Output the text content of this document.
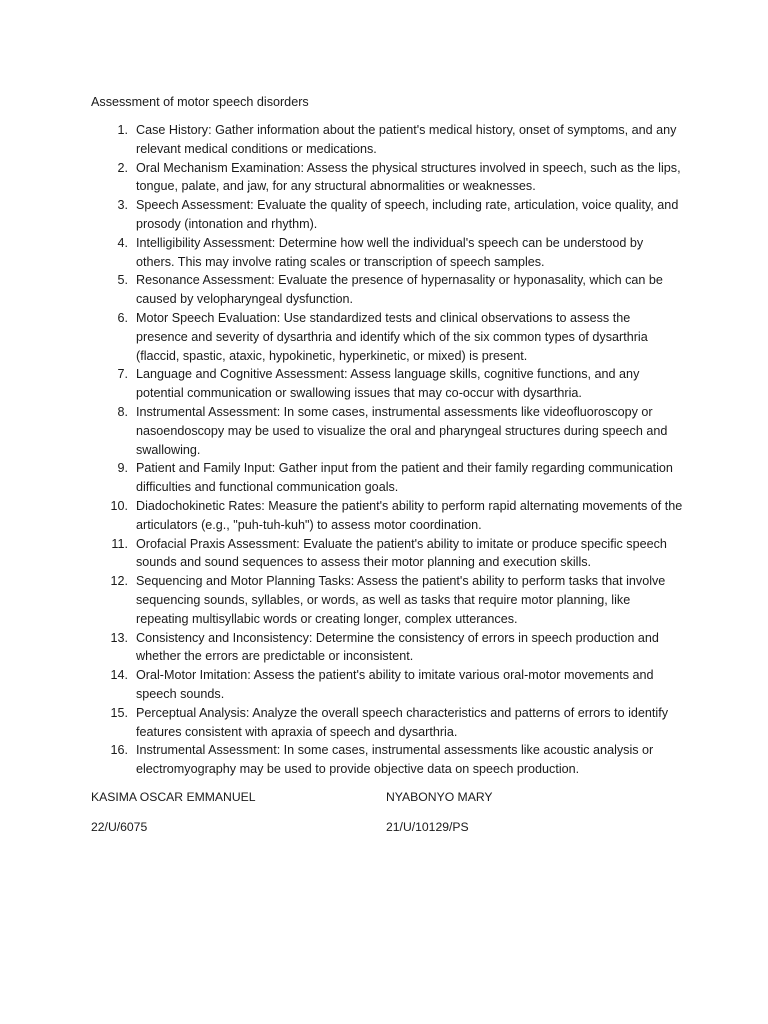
Assessment of motor speech disorders
1. Case History: Gather information about the patient's medical history, onset of symptoms, and any relevant medical conditions or medications.
2. Oral Mechanism Examination: Assess the physical structures involved in speech, such as the lips, tongue, palate, and jaw, for any structural abnormalities or weaknesses.
3. Speech Assessment: Evaluate the quality of speech, including rate, articulation, voice quality, and prosody (intonation and rhythm).
4. Intelligibility Assessment: Determine how well the individual's speech can be understood by others. This may involve rating scales or transcription of speech samples.
5. Resonance Assessment: Evaluate the presence of hypernasality or hyponasality, which can be caused by velopharyngeal dysfunction.
6. Motor Speech Evaluation: Use standardized tests and clinical observations to assess the presence and severity of dysarthria and identify which of the six common types of dysarthria (flaccid, spastic, ataxic, hypokinetic, hyperkinetic, or mixed) is present.
7. Language and Cognitive Assessment: Assess language skills, cognitive functions, and any potential communication or swallowing issues that may co-occur with dysarthria.
8. Instrumental Assessment: In some cases, instrumental assessments like videofluoroscopy or nasoendoscopy may be used to visualize the oral and pharyngeal structures during speech and swallowing.
9. Patient and Family Input: Gather input from the patient and their family regarding communication difficulties and functional communication goals.
10. Diadochokinetic Rates: Measure the patient's ability to perform rapid alternating movements of the articulators (e.g., "puh-tuh-kuh") to assess motor coordination.
11. Orofacial Praxis Assessment: Evaluate the patient's ability to imitate or produce specific speech sounds and sound sequences to assess their motor planning and execution skills.
12. Sequencing and Motor Planning Tasks: Assess the patient's ability to perform tasks that involve sequencing sounds, syllables, or words, as well as tasks that require motor planning, like repeating multisyllabic words or creating longer, complex utterances.
13. Consistency and Inconsistency: Determine the consistency of errors in speech production and whether the errors are predictable or inconsistent.
14. Oral-Motor Imitation: Assess the patient's ability to imitate various oral-motor movements and speech sounds.
15. Perceptual Analysis: Analyze the overall speech characteristics and patterns of errors to identify features consistent with apraxia of speech and dysarthria.
16. Instrumental Assessment: In some cases, instrumental assessments like acoustic analysis or electromyography may be used to provide objective data on speech production.
KASIMA OSCAR EMMANUEL
22/U/6075
NYABONYO MARY
21/U/10129/PS
